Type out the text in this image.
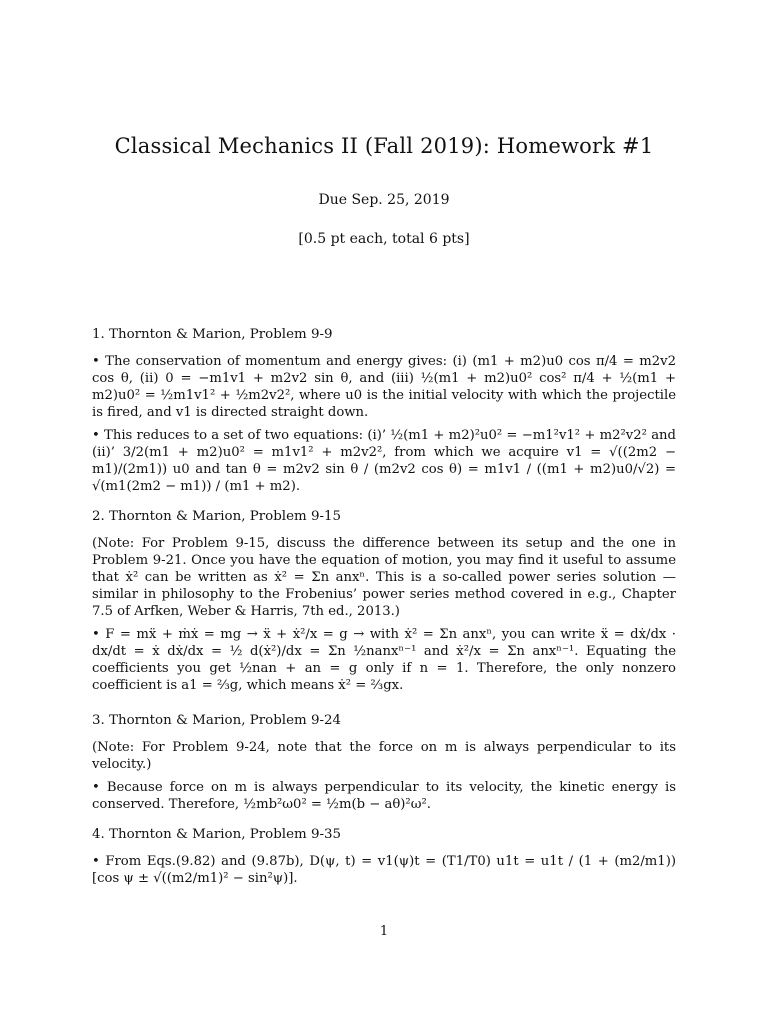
Classical Mechanics II (Fall 2019): Homework #1
Due Sep. 25, 2019
[0.5 pt each, total 6 pts]
1. Thornton & Marion, Problem 9-9

• The conservation of momentum and energy gives: (i) (m1 + m2)u0 cos π/4 = m2v2 cos θ, (ii) 0 = −m1v1 + m2v2 sin θ, and (iii) ½(m1 + m2)u0² cos² π/4 + ½(m1 + m2)u0² = ½m1v1² + ½m2v2², where u0 is the initial velocity with which the projectile is fired, and v1 is directed straight down.

• This reduces to a set of two equations: (i)’ ½(m1 + m2)²u0² = −m1²v1² + m2²v2² and (ii)’ 3/2(m1 + m2)u0² = m1v1² + m2v2², from which we acquire v1 = √((2m2 − m1)/(2m1)) u0 and tan θ = m2v2 sin θ / (m2v2 cos θ) = m1v1 / ((m1 + m2)u0/√2) = √(m1(2m2 − m1)) / (m1 + m2).

2. Thornton & Marion, Problem 9-15

(Note: For Problem 9-15, discuss the difference between its setup and the one in Problem 9-21. Once you have the equation of motion, you may find it useful to assume that ẋ² can be written as ẋ² = Σn anxⁿ. This is a so-called power series solution — similar in philosophy to the Frobenius’ power series method covered in e.g., Chapter 7.5 of Arfken, Weber & Harris, 7th ed., 2013.)

• F = mẍ + ṁẋ = mg → ẍ + ẋ²/x = g → with ẋ² = Σn anxⁿ, you can write ẍ = dẋ/dx · dx/dt = ẋ dẋ/dx = ½ d(ẋ²)/dx = Σn ½nanxⁿ⁻¹ and ẋ²/x = Σn anxⁿ⁻¹. Equating the coefficients you get ½nan + an = g only if n = 1. Therefore, the only nonzero coefficient is a1 = ⅔g, which means ẋ² = ⅔gx.

3. Thornton & Marion, Problem 9-24

(Note: For Problem 9-24, note that the force on m is always perpendicular to its velocity.)

• Because force on m is always perpendicular to its velocity, the kinetic energy is conserved. Therefore, ½mb²ω0² = ½m(b − aθ)²ω².

4. Thornton & Marion, Problem 9-35

• From Eqs.(9.82) and (9.87b), D(ψ, t) = v1(ψ)t = (T1/T0) u1t = u1t / (1 + (m2/m1)) [cos ψ ± √((m2/m1)² − sin²ψ)].

1
